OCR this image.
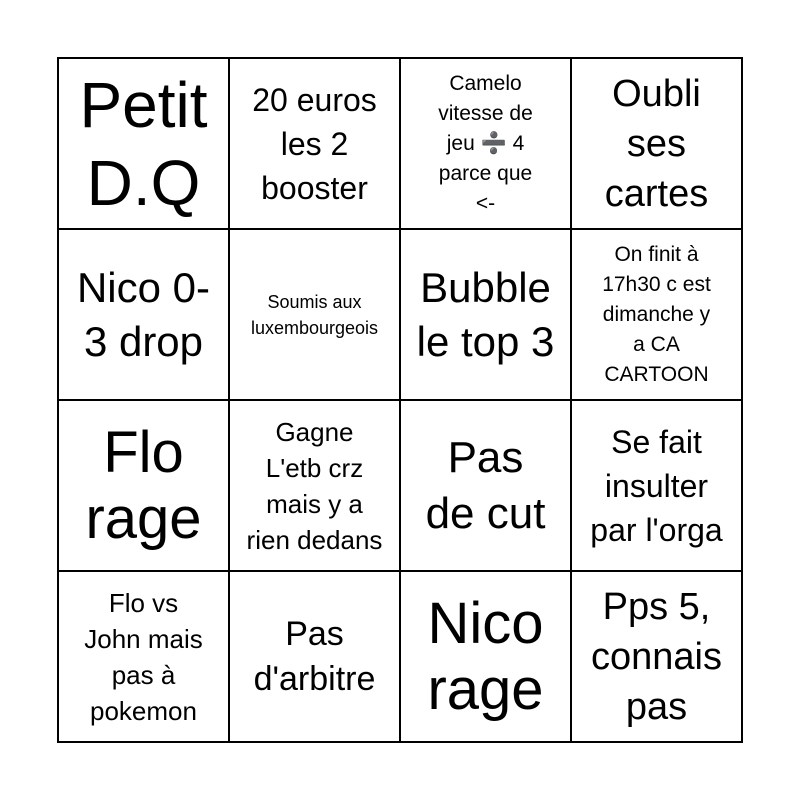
Petit
D.Q
20 euros
les 2
booster
Camelo
vitesse de
jeu ➗ 4
parce que
<-
Oubli
ses
cartes
Nico 0-
3 drop
Soumis aux
luxembourgeois
Bubble
le top 3
On finit à
17h30 c est
dimanche y
a CA
CARTOON
Flo
rage
Gagne
L'etb crz
mais y a
rien dedans
Pas
de cut
Se fait
insulter
par l'orga
Flo vs
John mais
pas à
pokemon
Pas
d'arbitre
Nico
rage
Pps 5,
connais
pas
